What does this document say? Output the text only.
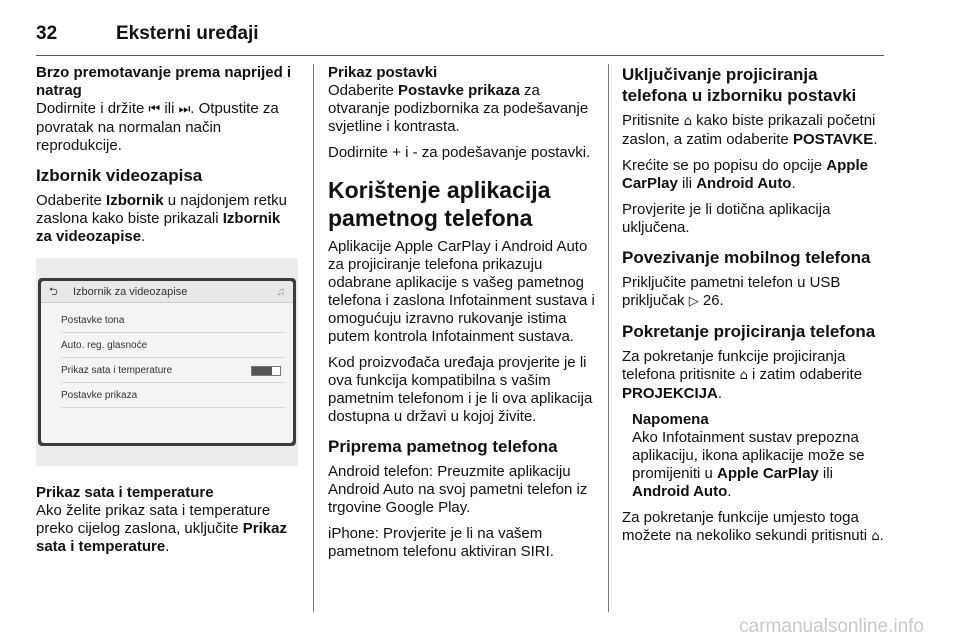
32	Eksterni uređaji
Brzo premotavanje prema naprijed i natrag

Dodirnite i držite ⏮ ili ⏭. Otpustite za povratak na normalan način reprodukcije.

Izbornik videozapisa

Odaberite Izbornik u najdonjem retku zaslona kako biste prikazali Izbornik za videozapise.

⮌ Izbornik za videozapise	♫
Postavke tona
Auto. reg. glasnoće
Prikaz sata i temperature
Postavke prikaza
Prikaz sata i temperature

Ako želite prikaz sata i temperature preko cijelog zaslona, uključite Prikaz sata i temperature.

Prikaz postavki

Odaberite Postavke prikaza za otvaranje podizbornika za podešavanje svjetline i kontrasta.

Dodirnite + i - za podešavanje postavki.

Korištenje aplikacija pametnog telefona

Aplikacije Apple CarPlay i Android Auto za projiciranje telefona prikazuju odabrane aplikacije s vašeg pametnog telefona i zaslona Infotainment sustava i omogućuju izravno rukovanje istima putem kontrola Infotainment sustava.

Kod proizvođača uređaja provjerite je li ova funkcija kompatibilna s vašim pametnim telefonom i je li ova aplikacija dostupna u državi u kojoj živite.

Priprema pametnog telefona

Android telefon: Preuzmite aplikaciju Android Auto na svoj pametni telefon iz trgovine Google Play.

iPhone: Provjerite je li na vašem pametnom telefonu aktiviran SIRI.

Uključivanje projiciranja telefona u izborniku postavki

Pritisnite ⌂ kako biste prikazali početni zaslon, a zatim odaberite POSTAVKE.

Krećite se po popisu do opcije Apple CarPlay ili Android Auto.

Provjerite je li dotična aplikacija uključena.

Povezivanje mobilnog telefona

Priključite pametni telefon u USB priključak ▷ 26.

Pokretanje projiciranja telefona

Za pokretanje funkcije projiciranja telefona pritisnite ⌂ i zatim odaberite PROJEKCIJA.

Napomena

Ako Infotainment sustav prepozna aplikaciju, ikona aplikacije može se promijeniti u Apple CarPlay ili Android Auto.

Za pokretanje funkcije umjesto toga možete na nekoliko sekundi pritisnuti ⌂.

carmanualsonline.info
